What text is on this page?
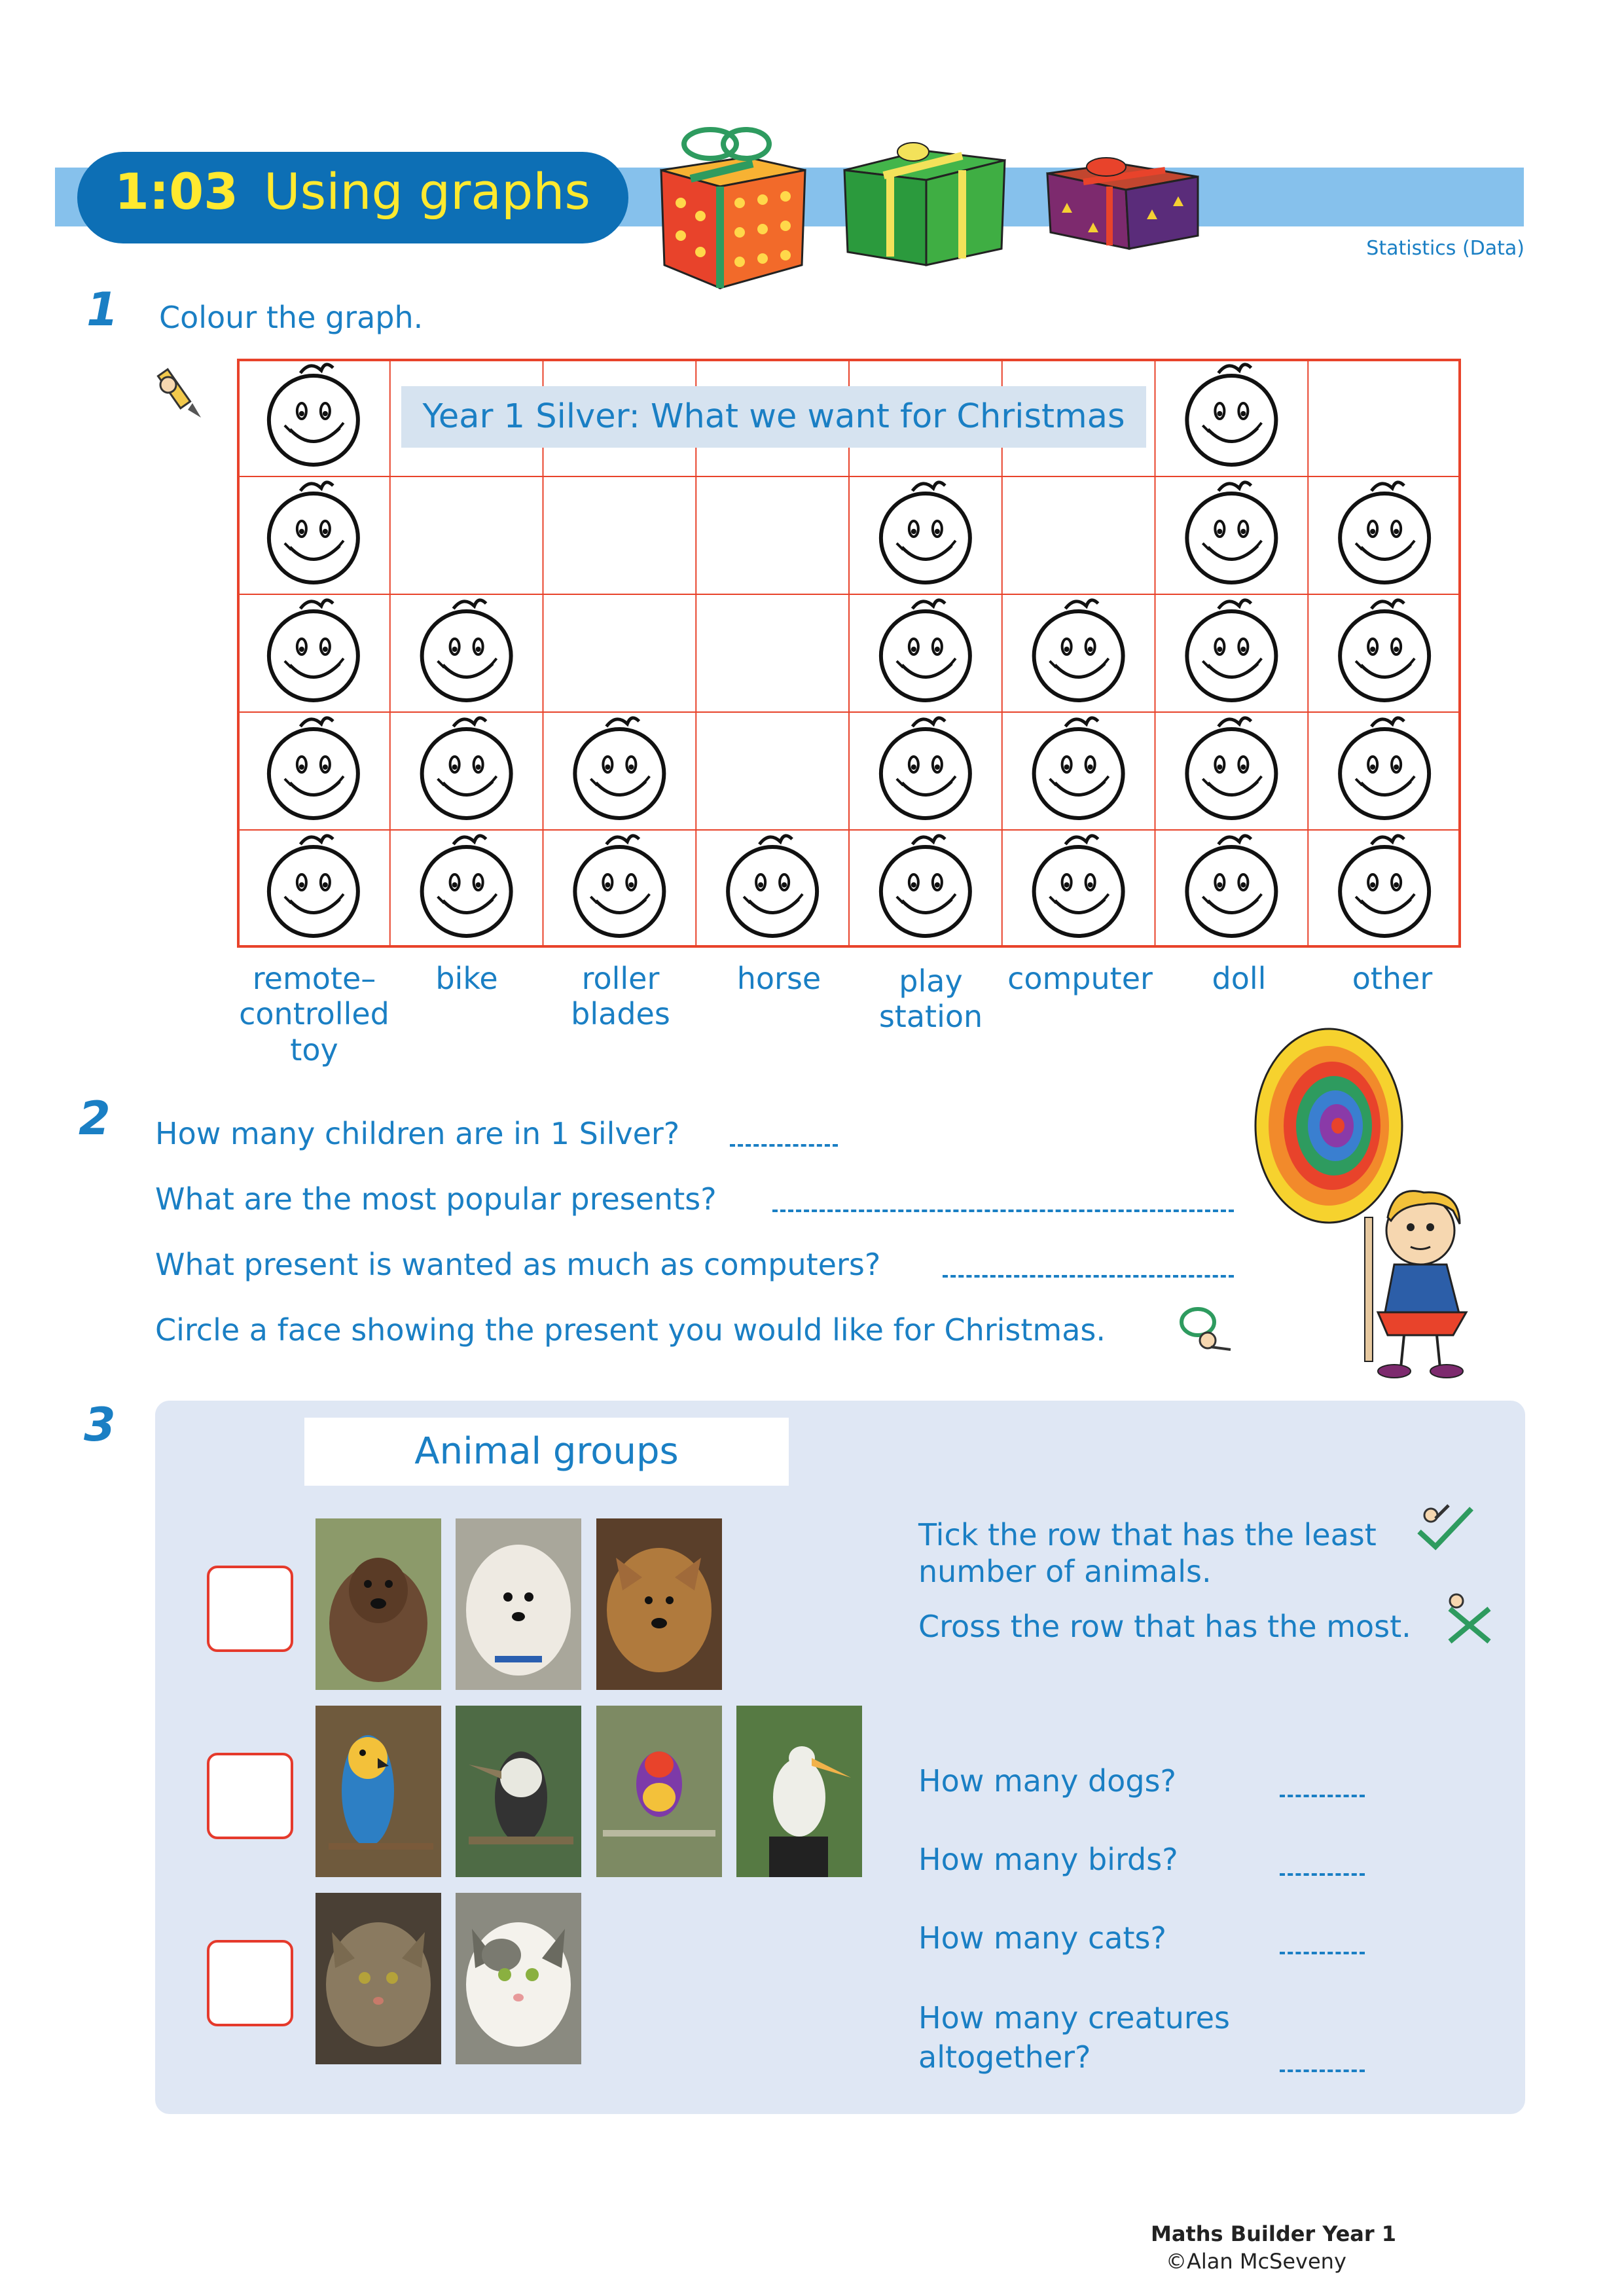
1:03 Using graphs
Statistics (Data)
1 Colour the graph.
Year 1 Silver: What we want for Christmas
remote–
controlled
toy
bike	roller
blades
horse	play
station
computer	doll	other
2 How many children are in 1 Silver?
What are the most popular presents?
What present is wanted as much as computers?
Circle a face showing the present you would like for Christmas.
3	Animal groups
Tick the row that has the least
number of animals.
Cross the row that has the most.
How many dogs?
How many birds?
How many cats?
How many creatures
altogether?
Maths Builder Year 1
©Alan McSeveny
